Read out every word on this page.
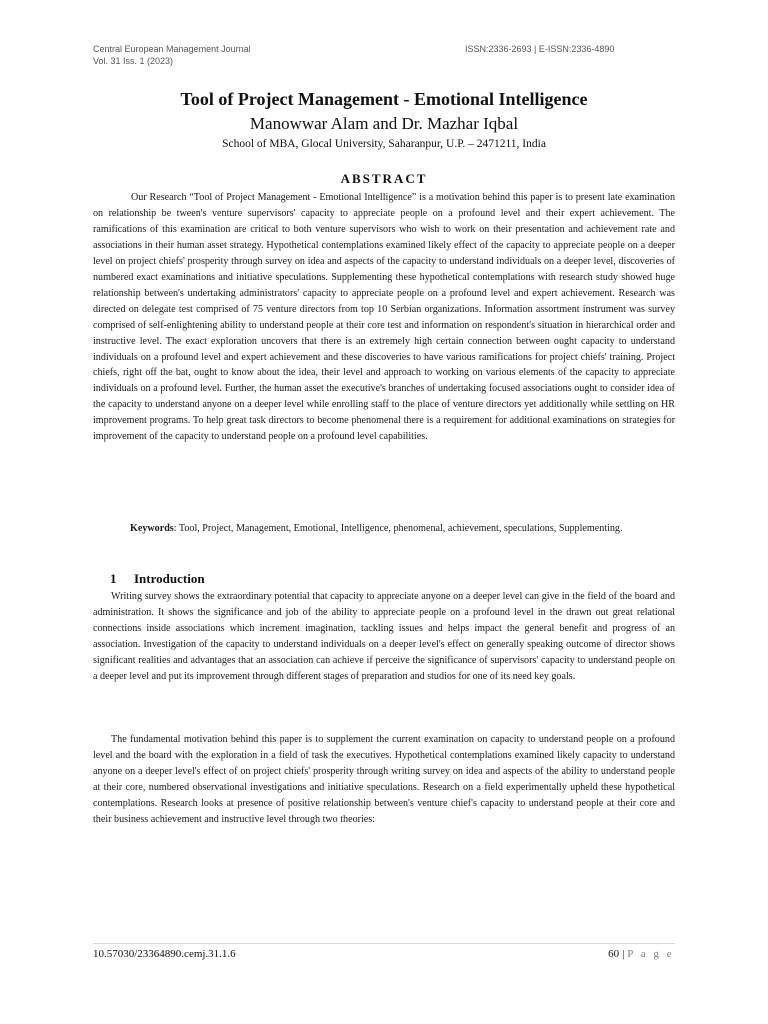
Central European Management Journal
Vol. 31 Iss. 1 (2023)
ISSN:2336-2693 | E-ISSN:2336-4890
Tool of Project Management - Emotional Intelligence
Manowwar Alam and Dr. Mazhar Iqbal
School of MBA, Glocal University, Saharanpur, U.P. – 2471211, India
ABSTRACT

Our Research “Tool of Project Management - Emotional Intelligence” is a motivation behind this paper is to present late examination on relationship be tween's venture supervisors' capacity to appreciate people on a profound level and their expert achievement. The ramifications of this examination are critical to both venture supervisors who wish to work on their presentation and achievement rate and associations in their human asset strategy. Hypothetical contemplations examined likely effect of the capacity to appreciate people on a deeper level on project chiefs' prosperity through survey on idea and aspects of the capacity to understand individuals on a deeper level, discoveries of numbered exact examinations and initiative speculations. Supplementing these hypothetical contemplations with research study showed huge relationship between's undertaking administrators' capacity to appreciate people on a profound level and expert achievement. Research was directed on delegate test comprised of 75 venture directors from top 10 Serbian organizations. Information assortment instrument was survey comprised of self-enlightening ability to understand people at their core test and information on respondent's situation in hierarchical order and instructive level. The exact exploration uncovers that there is an extremely high certain connection between ought capacity to understand individuals on a profound level and expert achievement and these discoveries to have various ramifications for project chiefs' training. Project chiefs, right off the bat, ought to know about the idea, their level and approach to working on various elements of the capacity to appreciate individuals on a profound level. Further, the human asset the executive's branches of undertaking focused associations ought to consider idea of the capacity to understand anyone on a deeper level while enrolling staff to the place of venture directors yet additionally while settling on HR improvement programs. To help great task directors to become phenomenal there is a requirement for additional examinations on strategies for improvement of the capacity to understand people on a profound level capabilities.

Keywords: Tool, Project, Management, Emotional, Intelligence, phenomenal, achievement, speculations, Supplementing.

1 Introduction

Writing survey shows the extraordinary potential that capacity to appreciate anyone on a deeper level can give in the field of the board and administration. It shows the significance and job of the ability to appreciate people on a profound level in the drawn out great relational connections inside associations which increment imagination, tackling issues and helps impact the general benefit and progress of an association. Investigation of the capacity to understand individuals on a deeper level's effect on generally speaking outcome of director shows significant realities and advantages that an association can achieve if perceive the significance of supervisors' capacity to understand people on a deeper level and put its improvement through different stages of preparation and studios for one of its need key goals.

The fundamental motivation behind this paper is to supplement the current examination on capacity to understand people on a profound level and the board with the exploration in a field of task the executives. Hypothetical contemplations examined likely capacity to understand anyone on a deeper level's effect of on project chiefs' prosperity through writing survey on idea and aspects of the ability to understand people at their core, numbered observational investigations and initiative speculations. Research on a field experimentally upheld these hypothetical contemplations. Research looks at presence of positive relationship between's venture chief's capacity to understand people at their core and their business achievement and instructive level through two theories:

10.57030/23364890.cemj.31.1.6	60 | P a g e
